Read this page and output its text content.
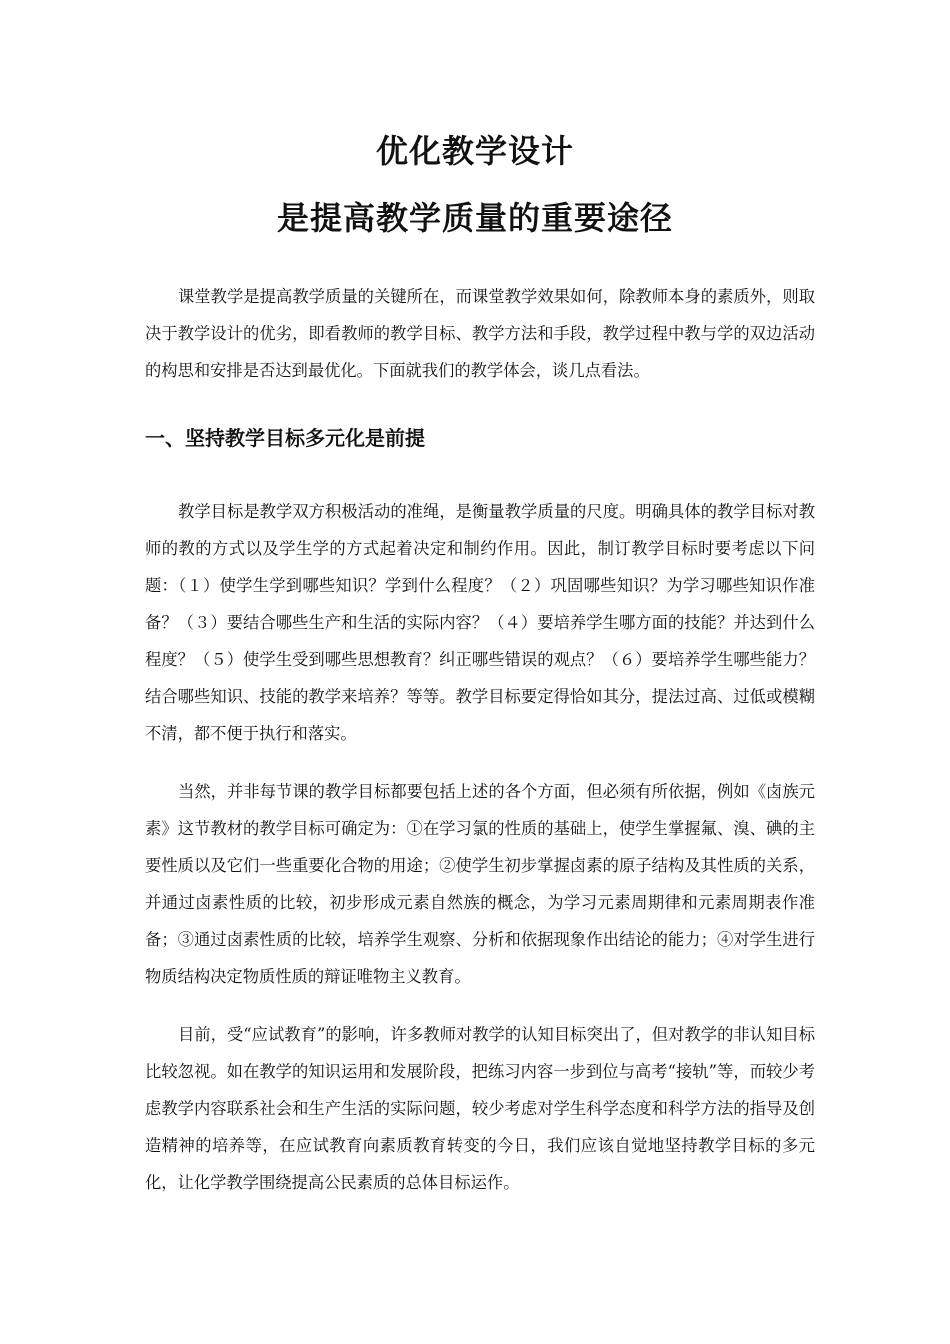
优化教学设计
是提高教学质量的重要途径

课堂教学是提高教学质量的关键所在，而课堂教学效果如何，除教师本身的素质外，则取决于教学设计的优劣，即看教师的教学目标、教学方法和手段，教学过程中教与学的双边活动的构思和安排是否达到最优化。下面就我们的教学体会，谈几点看法。

一、坚持教学目标多元化是前提

教学目标是教学双方积极活动的准绳，是衡量教学质量的尺度。明确具体的教学目标对教师的教的方式以及学生学的方式起着决定和制约作用。因此，制订教学目标时要考虑以下问题：（１）使学生学到哪些知识？学到什么程度？（２）巩固哪些知识？为学习哪些知识作准备？（３）要结合哪些生产和生活的实际内容？（４）要培养学生哪方面的技能？并达到什么程度？（５）使学生受到哪些思想教育？纠正哪些错误的观点？（６）要培养学生哪些能力？结合哪些知识、技能的教学来培养？等等。教学目标要定得恰如其分，提法过高、过低或模糊不清，都不便于执行和落实。

当然，并非每节课的教学目标都要包括上述的各个方面，但必须有所依据，例如《卤族元素》这节教材的教学目标可确定为：①在学习氯的性质的基础上，使学生掌握氟、溴、碘的主要性质以及它们一些重要化合物的用途；②使学生初步掌握卤素的原子结构及其性质的关系，并通过卤素性质的比较，初步形成元素自然族的概念，为学习元素周期律和元素周期表作准备；③通过卤素性质的比较，培养学生观察、分析和依据现象作出结论的能力；④对学生进行物质结构决定物质性质的辩证唯物主义教育。

目前，受“应试教育”的影响，许多教师对教学的认知目标突出了，但对教学的非认知目标比较忽视。如在教学的知识运用和发展阶段，把练习内容一步到位与高考“接轨”等，而较少考虑教学内容联系社会和生产生活的实际问题，较少考虑对学生科学态度和科学方法的指导及创造精神的培养等，在应试教育向素质教育转变的今日，我们应该自觉地坚持教学目标的多元化，让化学教学围绕提高公民素质的总体目标运作。
